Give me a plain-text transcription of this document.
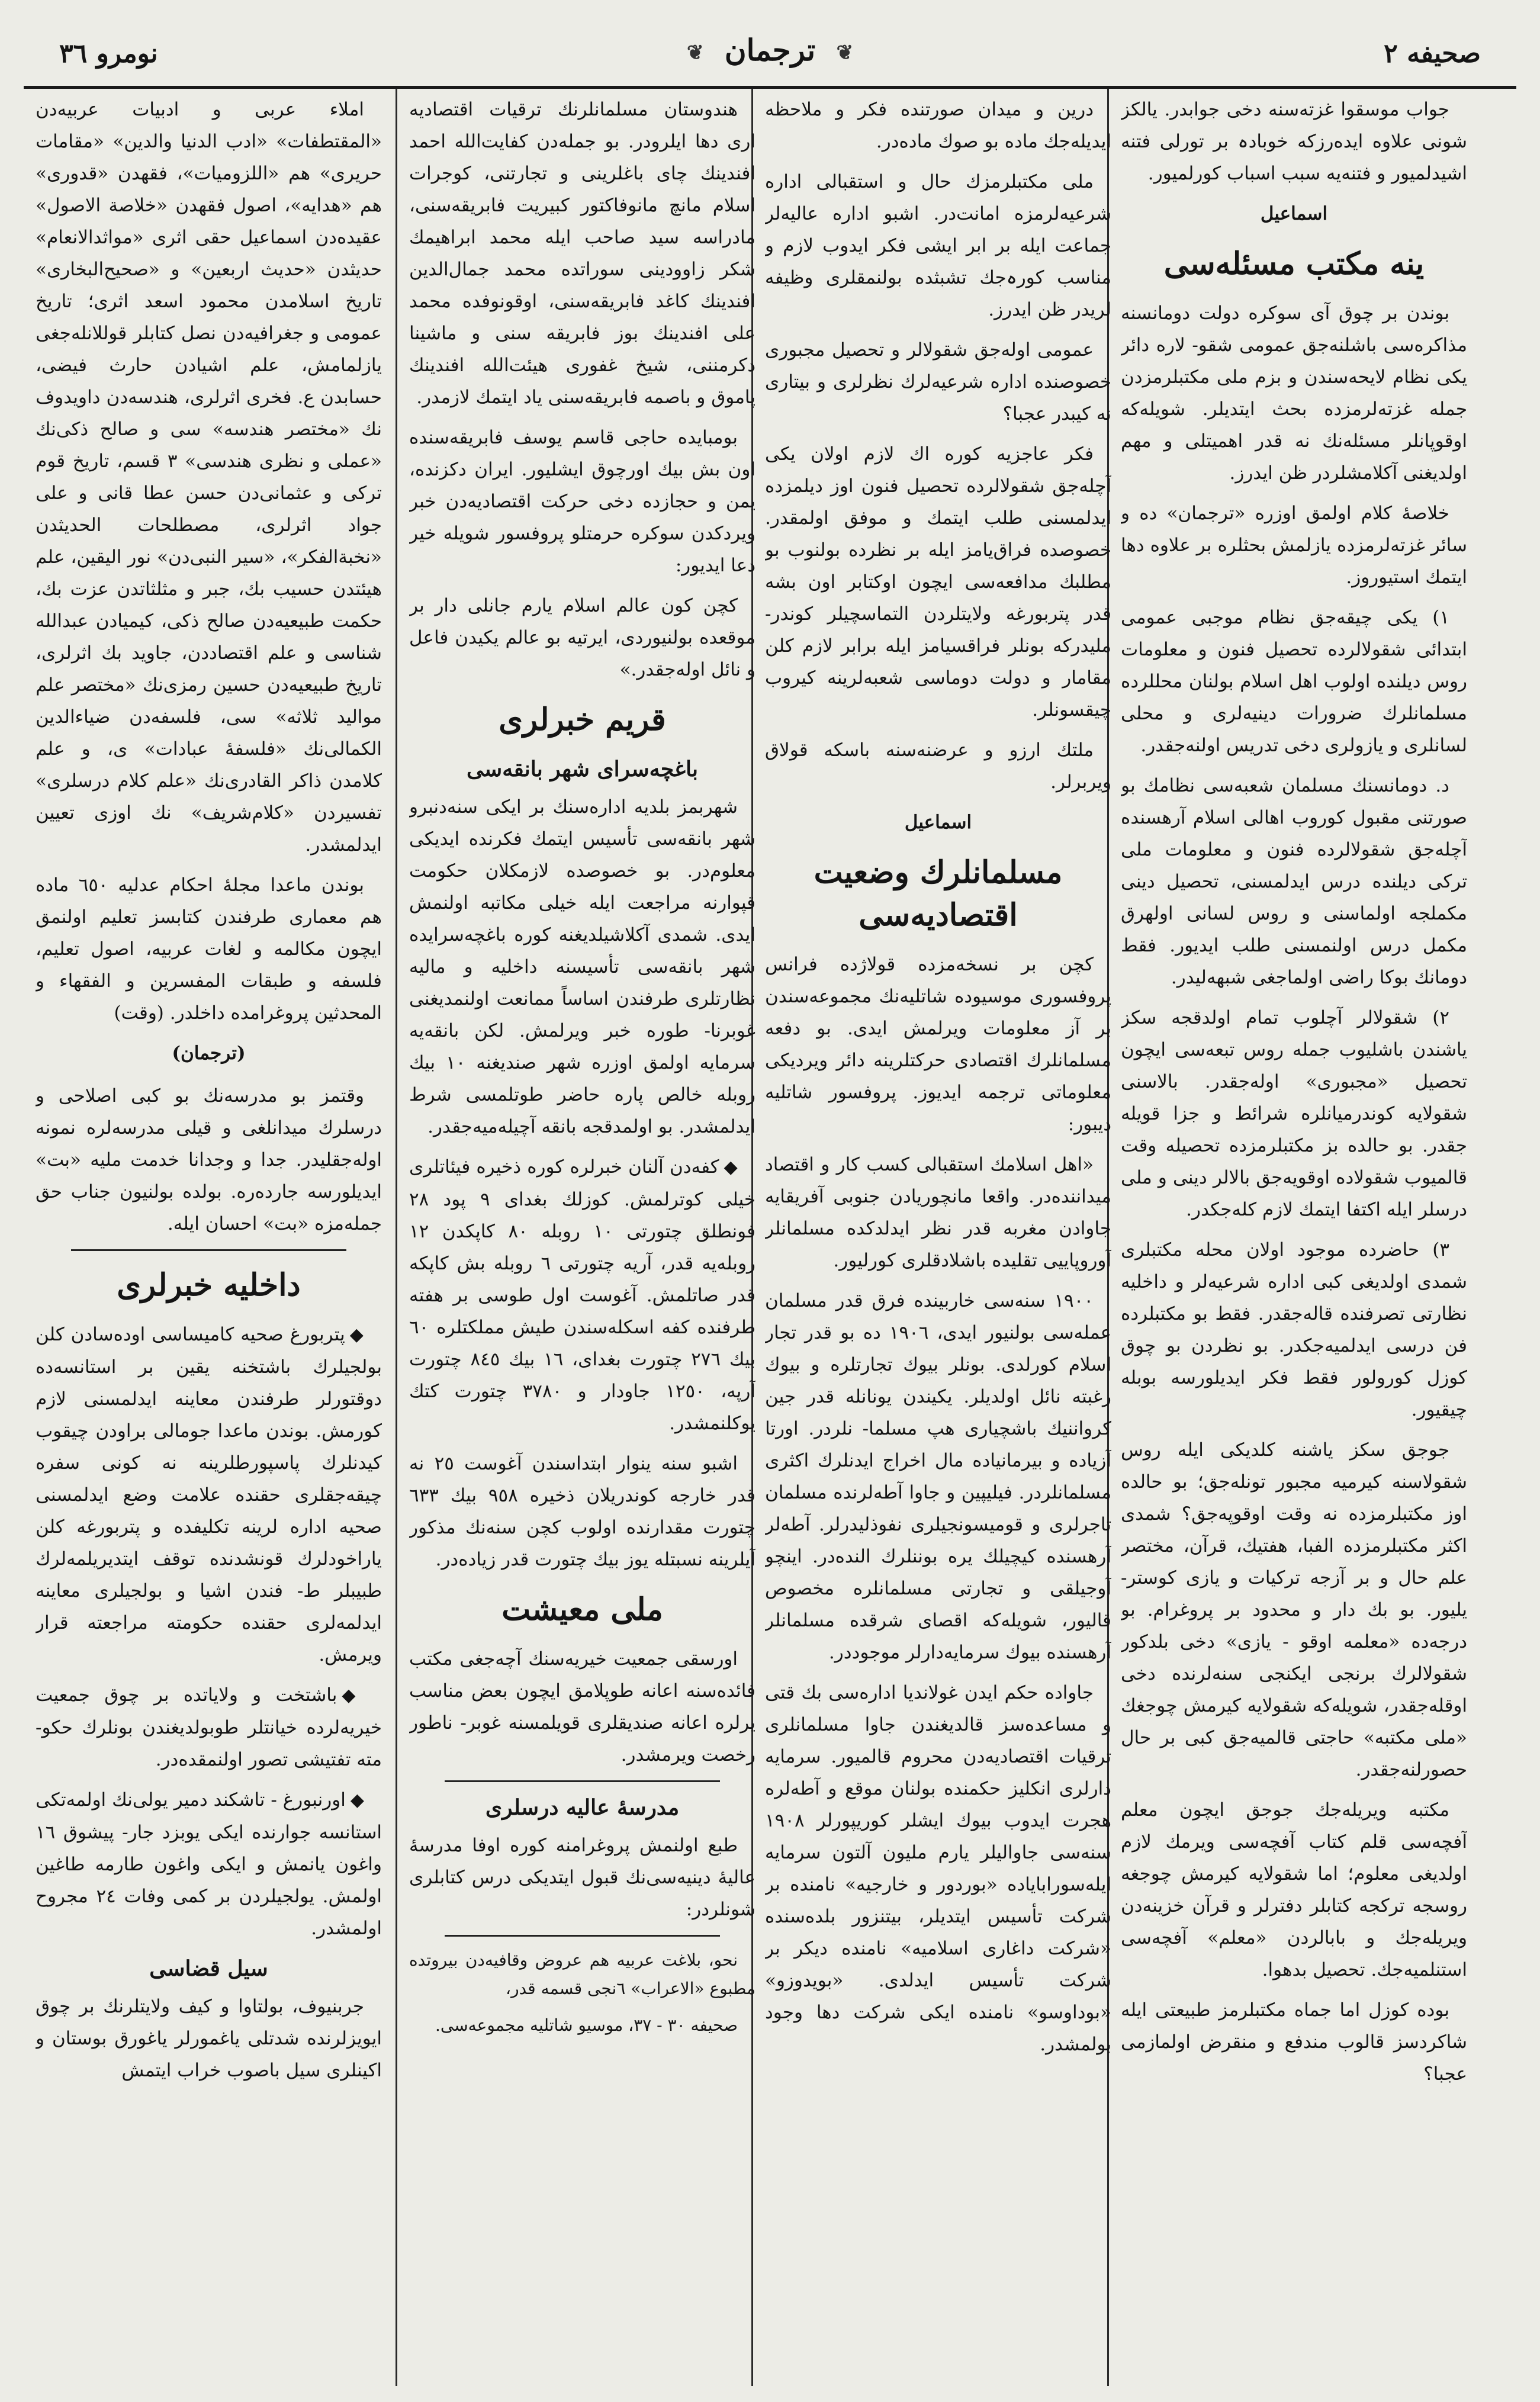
صحیفه ۲
❦ ترجمان ❦
نومرو ٣٦

جواب موسقوا غزته‌سنه دخی جوابدر. یالکز شونی علاوه ایده‌رزکه خوبادہ بر تورلی فتنه اشیدلمیور و فتنه‌یه سبب اسباب کورلمیور.

اسماعیل
ینه مکتب مسئله‌سی

بوندن بر چوق آی سوکره دولت دومانسنه مذاکره‌سی باشلنه‌جق عمومی شقو- لاره دائر یکی نظام لایحه‌سندن و بزم ملی مکتبلرمزدن جمله غزته‌لرمزده بحث ایتدیلر. شویله‌که اوقوپانلر مسئله‌نك نه قدر اهمیتلی و مهم اولدیغنی آکلامشلردر ظن ایدرز.

خلاصهٔ کلام اولمق اوزره «ترجمان» ده و سائر غزته‌لرمزده یازلمش بحثلره بر علاوه دها ایتمك استیوروز.

١) یکی چیقه‌جق نظام موجبی عمومی ابتدائی شقولالرده تحصیل فنون و معلومات روس دیلنده اولوب اهل اسلام بولنان محللرده مسلمانلرك ضرورات دینیه‌لری و محلی لسانلری و یازولری دخی تدریس اولنه‌جقدر.

د. دومانسنك مسلمان شعبه‌سی نظامك بو صورتنی مقبول کوروب اهالی اسلام آرهسنده آچله‌جق شقولالرده فنون و معلومات ملی ترکی دیلنده درس ایدلمسنی، تحصیل دینی مکملجه اولماسنی و روس لسانی اولهرق مکمل درس اولنمسنی طلب ایدیور. فقط دومانك بوکا راضی اولماجغی شبهه‌لیدر.

٢) شقولالر آچلوب تمام اولدقجه سکز یاشندن باشلیوب جمله روس تبعه‌سی ایچون تحصیل «مجبوری» اوله‌جقدر. بالاسنی شقولایه کوندرمیانلره شرائط و جزا قویله جقدر. بو حالده بز مکتبلرمزده تحصیله وقت قالمیوب شقولاده اوقویه‌جق بالالر دینی و ملی درسلر ایله اکتفا ایتمك لازم کله‌جکدر.

٣) حاضرده موجود اولان محله مکتبلری شمدی اولدیغی کبی اداره شرعیه‌لر و داخلیه نظارتی تصرفنده قاله‌جقدر. فقط بو مکتبلرده فن درسی ایدلمیه‌جکدر. بو نظردن بو چوق کوزل کورولور فقط فکر ایدیلورسه بوبله چیقیور.

جوجق سکز یاشنه کلدیکی ایله روس شقولاسنه کیرمیه مجبور تونله‌جق؛ بو حالده اوز مکتبلرمزده نه وقت اوقوپه‌جق؟ شمدی اکثر مکتبلرمزده الفبا، هفتیك، قرآن، مختصر علم حال و بر آزجه ترکیات و یازی کوستر- یلیور. بو بك دار و محدود بر پروغرام. بو درجه‌ده «معلمه اوقو - یازی» دخی بلدکور شقولالرك برنجی ایکنجی سنه‌لرنده دخی اوقله‌جقدر، شویله‌که شقولایه کیرمش چوجغك «ملی مکتبه» حاجتی قالمیه‌جق کبی بر حال حصورلنه‌جقدر.

مکتبه ویریله‌جك جوجق ایچون معلم آفچه‌سی قلم کتاب آفچه‌سی ویرمك لازم اولدیغی معلوم؛ اما شقولایه کیرمش چوجغه روسجه ترکجه کتابلر دفترلر و قرآن خزینه‌دن ویریله‌جك و بابالردن «معلم» آفچه‌سی استنلمیه‌جك. تحصیل بدهوا.

بوده کوزل اما جماه مکتبلرمز طبیعتی ایله شاکردسز قالوب مندفع و منقرض اولمازمی عجبا؟

درین و میدان صورتنده فکر و ملاحظه ایدیله‌جك ماده بو صوك ماده‌در.

ملی مکتبلرمزك حال و استقبالی اداره شرعیه‌لرمزه امانت‌در. اشبو اداره عالیه‌لر جماعت ایله بر ابر ایشی فکر ایدوب لازم و مناسب کورہ‌جك تشبثده بولنمقلری وظیفه لریدر ظن ایدرز.

عمومی اوله‌جق شقولالر و تحصیل مجبوری خصوصنده اداره شرعیه‌لرك نظرلری و بیتاری نه کیبدر عجبا؟

فکر عاجزیه کوره اك لازم اولان یکی آچله‌جق شقولالرده تحصیل فنون اوز دیلمزده ایدلمسنی طلب ایتمك و موفق اولمقدر. خصوصده فراق‌یامز ایله بر نظرده بولنوب بو مطلبك مدافعه‌سی ایچون اوکتابر اون بشه قدر پتربورغه ولایتلردن التماسچیلر کوندر- ملیدرکه بونلر فراقسیامز ایله برابر لازم کلن مقامار و دولت دوماسی شعبه‌لرینه کیروب چیقسونلر.

ملتك ارزو و عرضنه‌سنه باسکه قولاق ویربرلر.

اسماعیل
مسلمانلرك وضعیت اقتصادیه‌سی

کچن بر نسخه‌مزده قولاژده فرانس پروفسوری موسیوده شاتلیه‌نك مجموعه‌سندن بر آز معلومات ویرلمش ایدی. بو دفعه مسلمانلرك اقتصادی حرکتلرینه دائر ویردیکی معلوماتی ترجمه ایدیوز. پروفسور شاتلیه دیبور:

«اهل اسلامك استقبالی کسب کار و اقتصاد میداننده‌در. واقعا مانچوریادن جنوبی آفریقایه جاوادن مغربه قدر نظر ایدلدکده مسلمانلر آوروپاییی تقلیده باشلادقلری کورلیور.

١٩٠٠ سنه‌سی خاربینده فرق قدر مسلمان عمله‌سی بولنیور ایدی، ١٩٠٦ ده بو قدر تجار اسلام کورلدی. بونلر بیوك تجارتلره و بیوك رغبته نائل اولدیلر. یکیندن یونانله قدر جین کرواننیك باشچیاری هپ مسلما- نلردر. اورتا آزیاده و بیرمانیاده مال اخراج ایدنلرك اکثری مسلمانلردر. فیلیپین و جاوا آطه‌لرنده مسلمان تاجرلری و قومیسونجیلری نفوذلیدرلر. آطه‌لر آرهسنده کیچیلك یره بوننلرك النده‌در. اینچو آوجیلقی و تجارتی مسلمانلره مخصوص قالیور، شویله‌که اقصای شرقده مسلمانلر آرهسنده بیوك سرمایه‌دارلر موجوددر.

جاواده حکم ایدن غولاندیا اداره‌سی بك قتی و مساعده‌سز قالدیغندن جاوا مسلمانلری ترقیات اقتصادیه‌دن محروم قالمیور. سرمایه دارلری انکلیز حکمنده بولنان موقع و آطه‌لره هجرت ایدوب بیوك ایشلر کوریپورلر ١٩٠٨ سنه‌سی جاوالیلر یارم ملیون آلتون سرمایه ایله‌سورابایاده «بوردور و خارجیه» نامنده بر شرکت تأسیس ایتدیلر، بیتنزور بلده‌سنده «شرکت داغاری اسلامیه» نامنده دیکر بر شرکت تأسیس ایدلدی. «بویدوزو» «بوداوسو» نامنده ایکی شرکت دها وجود بولمشدر.

هندوستان مسلمانلرنك ترقیات اقتصادیه اری دها ایلرودر. بو جمله‌دن کفایت‌الله احمد افندینك چای باغلرینی و تجارتنی، کوجرات اسلام مانچ مانوفاکتور کبیریت فابریقه‌سنی، مادراسه سید صاحب ایله محمد ابراهیمك شکر زاوودینی سوراتده محمد جمال‌الدین افندینك کاغد فابریقه‌سنی، اوقونوفده محمد علی افندینك بوز فابریقه سنی و ماشینا دکرمننی، شیخ غفوری هیئت‌الله افندینك پاموق و باصمه فابریقه‌سنی یاد ایتمك لازمدر.

بومبایده حاجی قاسم یوسف فابریقه‌سنده اون بش بیك اورچوق ایشلیور. ایران دکزنده، یمن و حجازده دخی حرکت اقتصادیه‌دن خبر ویردکدن سوکره حرمتلو پروفسور شویله خیر دعا ایدیور:

کچن کون عالم اسلام یارم جانلی دار بر موقعده بولنیوردی، ایرتیه بو عالم یکیدن فاعل و نائل اوله‌جقدر.»

قریم خبرلری
باغچه‌سرای شهر بانقه‌سی

شهربمز بلدیه اداره‌سنك بر ایکی سنه‌دنبرو شهر بانقه‌سی تأسیس ایتمك فکرنده ایدیکی معلوم‌در. بو خصوصده لازمکلان حکومت قپوارنه مراجعت ایله خیلی مکاتبه اولنمش ایدی. شمدی آکلاشیلدیغنه کوره باغچه‌سرایده شهر بانقه‌سی تأسیسنه داخلیه و مالیه نظارتلری طرفندن اساساً ممانعت اولنمدیغنی غوبرنا- طوره خبر ویرلمش. لکن بانقه‌یه سرمایه اولمق اوزره شهر صندیغنه ١٠ بیك روبله خالص پاره حاضر طوتلمسی شرط ایدلمشدر. بو اولمدقجه بانقه آچیله‌میه‌جقدر.

◆کفه‌دن آلنان خبرلره کوره ذخیره فیئاتلری خیلی کوترلمش. کوزلك بغدای ٩ پود ٢٨ فونطلق چتورتی ١٠ روبله ٨٠ کاپکدن ١٢ روبله‌یه قدر، آریه چتورتی ٦ روبله بش کاپکه قدر صاتلمش. آغوست اول طوسی بر هفته طرفنده کفه اسکله‌سندن طیش مملکتلره ٦٠ بیك ٢٧٦ چتورت بغدای، ١٦ بیك ٨٤٥ چتورت آرپه، ١٢٥٠ جاودار و ٣٧٨٠ چتورت کتك یوکلنمشدر.

اشبو سنه ینوار ابتداسندن آغوست ٢٥ نه قدر خارجه کوندریلان ذخیره ٩٥٨ بیك ٦٣٣ چتورت مقدارنده اولوب کچن سنه‌نك مذکور آیلرینه نسبتله یوز بیك چتورت قدر زیاده‌در.

ملی معیشت

اورسقی جمعیت خیریه‌سنك آچه‌جغی مکتب فائده‌سنه اعانه طوپلامق ایچون بعض مناسب یرلره اعانه صندیقلری قویلمسنه غوبر- ناطور رخصت ویرمشدر.

مدرسهٔ عالیه درسلری

طبع اولنمش پروغرامنه کوره اوفا مدرسهٔ عالیهٔ دینیه‌سی‌نك قبول ایتدیکی درس کتابلری شونلردر:

نحو، بلاغت عربیه هم عروض وقافیه‌دن بیروتده مطبوع «الاعراب» ٦نجی قسمه قدر،

صحیفه ٣٠ - ٣٧، موسیو شاتلیه مجموعه‌سی.

املاء عربی و ادبیات عربیه‌دن «المقتطفات» «ادب الدنیا والدین» «مقامات حریری» هم «اللزومیات»، فقهدن «قدوری» هم «هدایه»، اصول فقهدن «خلاصة الاصول» عقیده‌دن اسماعیل حقی اثری «مواثد‌الانعام» حدیثدن «حدیث اربعین» و «صحیح‌البخاری» تاریخ اسلامدن محمود اسعد اثری؛ تاریخ عمومی و جغرافیه‌دن نصل کتابلر قوللانله‌جغی یازلمامش، علم اشیادن حارث فیضی، حسابدن ع. فخری اثرلری، هندسه‌دن داویدوف نك «مختصر هندسه» سی و صالح ذکی‌نك «عملی و نظری هندسی» ٣ قسم، تاریخ قوم ترکی و عثمانی‌دن حسن عطا قانی و علی جواد اثرلری، مصطلحات الحدیثدن «نخبة‌الفکر»، «سیر النبی‌دن» نور الیقین، علم هیئتدن حسیب بك، جبر و مثلثاتدن عزت بك، حکمت طبیعیه‌دن صالح ذکی، کیمیادن عبدالله شناسی و علم اقتصاددن، جاوید بك اثرلری، تاریخ طبیعیه‌دن حسین رمزی‌نك «مختصر علم موالید ثلاثه» سی، فلسفه‌دن ضیاءالدین الکمالی‌نك «فلسفهٔ عبادات» ی، و علم کلامدن ذاکر القادری‌نك «علم کلام درسلری» تفسیردن «کلام‌شریف» نك اوزی تعیین ایدلمشدر.

بوندن ماعدا مجلهٔ احکام عدلیه ٦٥٠ ماده هم معماری طرفندن کتابسز تعلیم اولنمق ایچون مکالمه و لغات عربیه، اصول تعلیم، فلسفه و طبقات المفسرین و الفقهاء و المحدثین پروغرامده داخلدر. (وقت)

(ترجمان)

وقتمز بو مدرسه‌نك بو کبی اصلاحی و درسلرك میدانلغی و قیلی مدرسه‌لره نمونه اوله‌جقلیدر. جدا و وجدانا خدمت ملیه «بت» ایدیلورسه جارده‌ره. بولده بولنیون جناب حق جمله‌مزه «بت» احسان ایله.

داخلیه خبرلری

◆پتربورغ صحیه کامیساسی اوده‌سادن کلن بولجیلرك باشتخنه یقین بر استانسه‌ده دوقتورلر طرفندن معاینه ایدلمسنی لازم کورمش. بوندن ماعدا جومالی براودن چیقوب کیدنلرك پاسپورطلرینه نه کونی سفره چیقه‌جقلری حقنده علامت وضع ایدلمسنی صحیه اداره لرینه تکلیفده و پتربورغه کلن یاراخودلرك قونشدنده توقف ایتدیریلمه‌لرك طبیبلر ط- فندن اشیا و بولجیلری معاینه ایدلمه‌لری حقنده حکومته مراجعته قرار ویرمش.

◆باشتخت و ولایاتده بر چوق جمعیت خیریه‌لرده خیانتلر طوبولدیغندن بونلرك حکو- مته تفتیشی تصور اولنمقده‌در.

◆اورنبورغ - تاشکند دمیر یولی‌نك اولمه‌تکی استانسه جوارنده ایکی یوبزد جار- پیشوق ١٦ واغون یانمش و ایکی واغون طارمه طاغین اولمش. یولجیلردن بر کمی وفات ٢٤ مجروح اولمشدر.

سیل قضاسی

جربنیوف، بولتاوا و کیف ولایتلرنك بر چوق ایویزلرنده شدتلی یاغمورلر یاغورق بوستان و اکینلری سیل باصوب خراب ایتمش
